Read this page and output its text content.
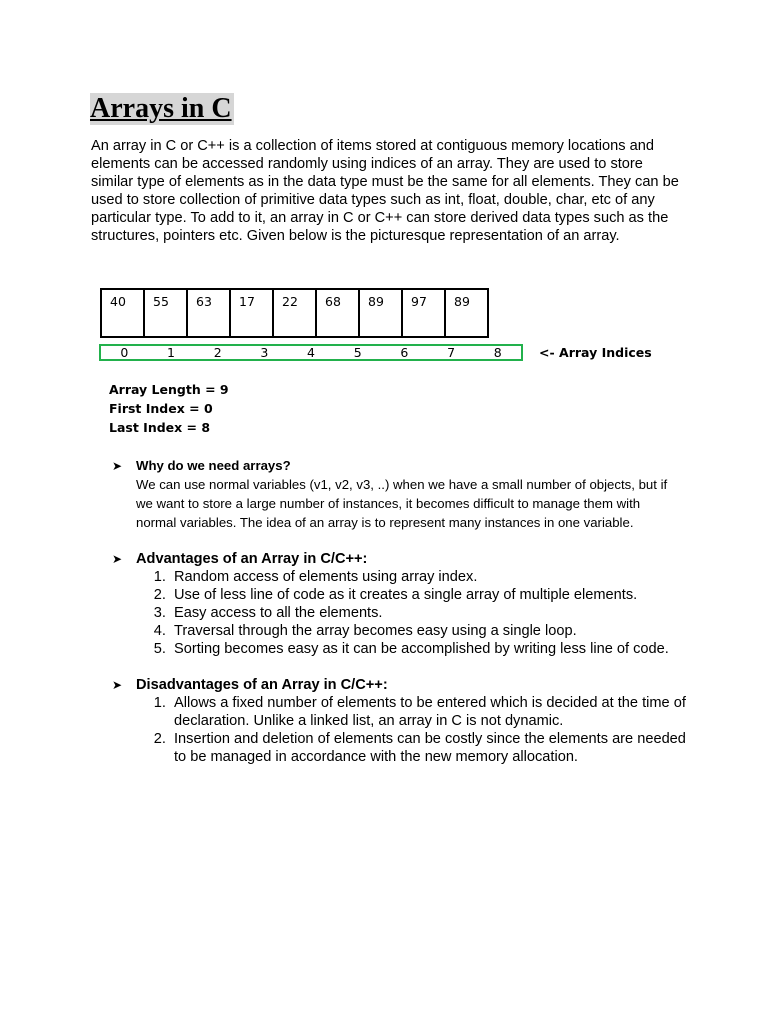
Arrays in C

An array in C or C++ is a collection of items stored at contiguous memory locations and elements can be accessed randomly using indices of an array. They are used to store similar type of elements as in the data type must be the same for all elements. They can be used to store collection of primitive data types such as int, float, double, char, etc of any particular type. To add to it, an array in C or C++ can store derived data types such as the structures, pointers etc. Given below is the picturesque representation of an array.

40	55	63	17	22	68	89	97	89
0	1	2	3	4	5	6	7	8	<- Array Indices
Array Length = 9
First Index = 0
Last Index = 8
➤	Why do we need arrays?

We can use normal variables (v1, v2, v3, ..) when we have a small number of objects, but if we want to store a large number of instances, it becomes difficult to manage them with normal variables. The idea of an array is to represent many instances in one variable.

➤ Advantages of an Array in C/C++:
1. Random access of elements using array index.
2. Use of less line of code as it creates a single array of multiple elements.
3. Easy access to all the elements.
4. Traversal through the array becomes easy using a single loop.
5. Sorting becomes easy as it can be accomplished by writing less line of code.
➤ Disadvantages of an Array in C/C++:
1. Allows a fixed number of elements to be entered which is decided at the time of declaration. Unlike a linked list, an array in C is not dynamic.
2. Insertion and deletion of elements can be costly since the elements are needed to be managed in accordance with the new memory allocation.
